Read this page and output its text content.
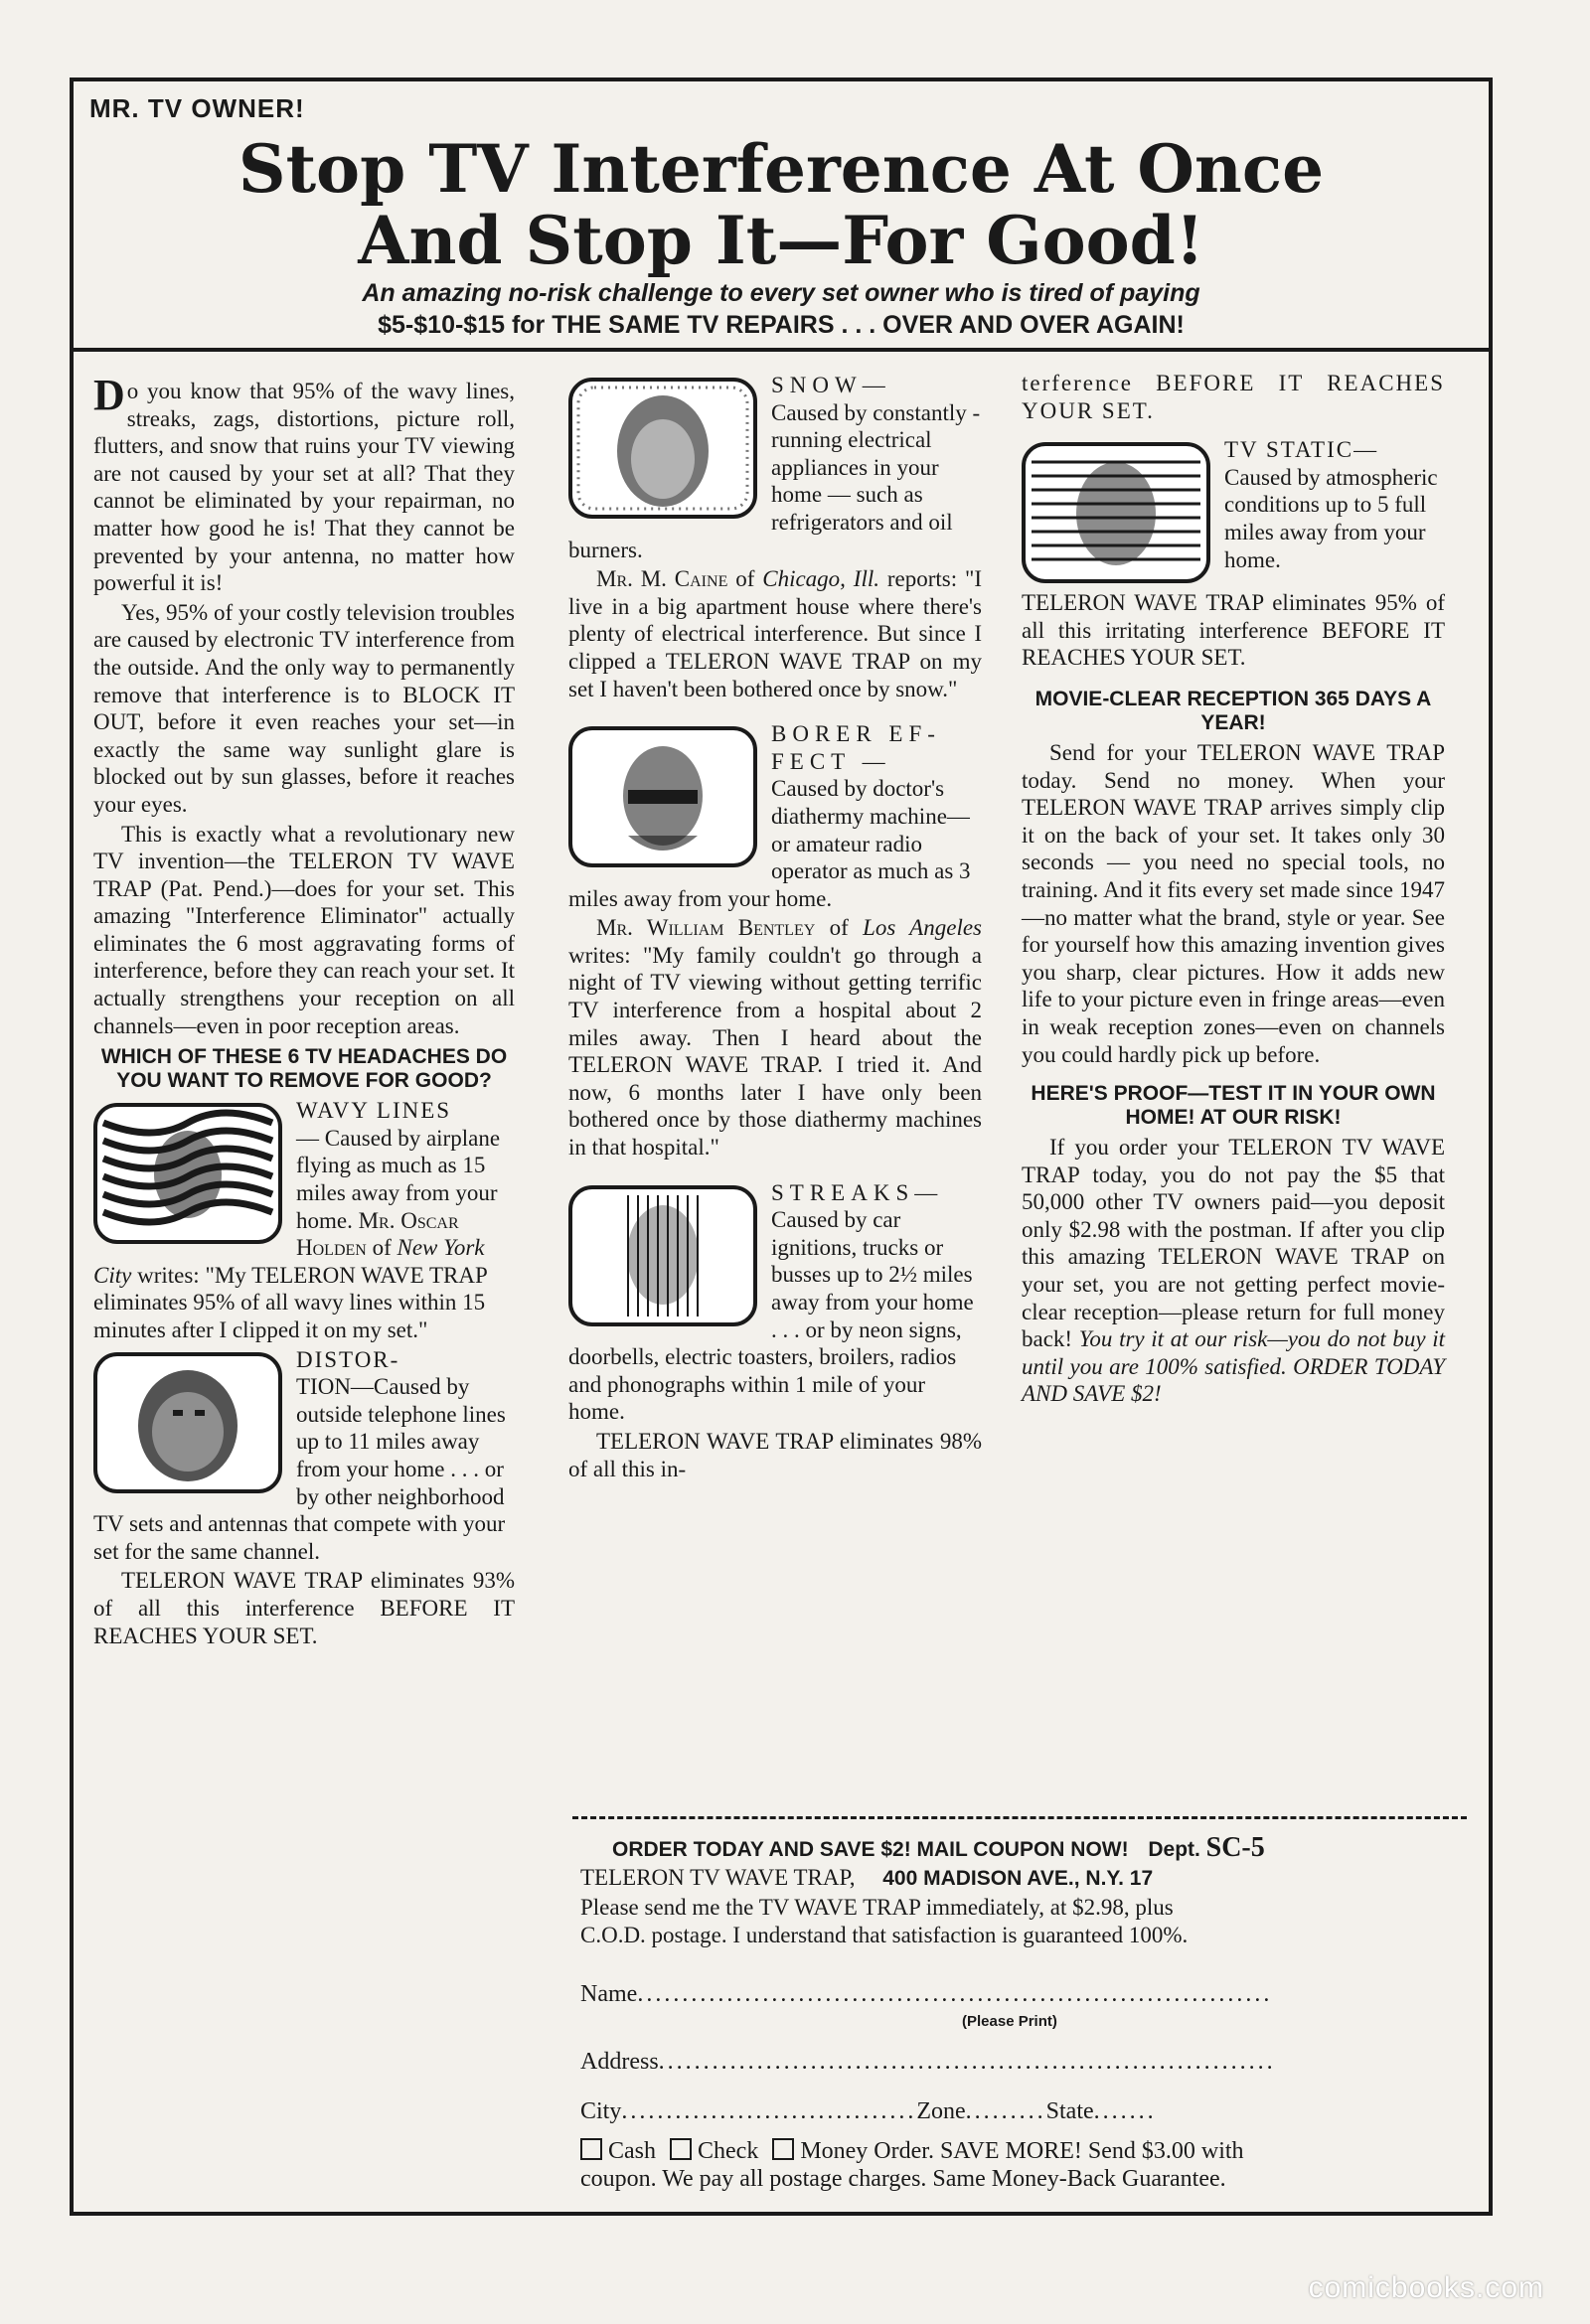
MR. TV OWNER!
Stop TV Interference At Once
And Stop It—For Good!
An amazing no-risk challenge to every set owner who is tired of paying
$5-$10-$15 for THE SAME TV REPAIRS . . . OVER AND OVER AGAIN!

Do you know that 95% of the wavy lines, streaks, zags, distortions, picture roll, flutters, and snow that ruins your TV viewing are not caused by your set at all? That they cannot be eliminated by your repairman, no matter how good he is! That they cannot be prevented by your antenna, no matter how powerful it is!

Yes, 95% of your costly television troubles are caused by electronic TV interference from the outside. And the only way to permanently remove that interference is to BLOCK IT OUT, before it even reaches your set—in exactly the same way sunlight glare is blocked out by sun glasses, before it reaches your eyes.

This is exactly what a revolutionary new TV invention—the TELERON TV WAVE TRAP (Pat. Pend.)—does for your set. This amazing "Interference Eliminator" actually eliminates the 6 most aggravating forms of interference, before they can reach your set. It actually strengthens your reception on all channels—even in poor reception areas.

WHICH OF THESE 6 TV HEADACHES DO YOU WANT TO REMOVE FOR GOOD?
WAVY LINES
— Caused by airplane flying as much as 15 miles away from your home. Mr. Oscar Holden of New York City writes: "My TELERON WAVE TRAP eliminates 95% of all wavy lines within 15 minutes after I clipped it on my set."
DISTOR-
TION—Caused by outside telephone lines up to 11 miles away from your home . . . or by other neighborhood TV sets and antennas that compete with your set for the same channel.

TELERON WAVE TRAP eliminates 93% of all this interference BEFORE IT REACHES YOUR SET.

SNOW—
Caused by constantly - running electrical appliances in your home — such as refrigerators and oil burners.

Mr. M. Caine of Chicago, Ill. reports: "I live in a big apartment house where there's plenty of electrical interference. But since I clipped a TELERON WAVE TRAP on my set I haven't been bothered once by snow."

BORER EF-FECT —
Caused by doctor's diathermy machine— or amateur radio operator as much as 3 miles away from your home.

Mr. William Bentley of Los Angeles writes: "My family couldn't go through a night of TV viewing without getting terrific TV interference from a hospital about 2 miles away. Then I heard about the TELERON WAVE TRAP. I tried it. And now, 6 months later I have only been bothered once by those diathermy machines in that hospital."

STREAKS—
Caused by car ignitions, trucks or busses up to 2½ miles away from your home . . . or by neon signs, doorbells, electric toasters, broilers, radios and phonographs within 1 mile of your home.

TELERON WAVE TRAP eliminates 98% of all this in-

terference BEFORE IT REACHES YOUR SET.

TV STATIC—
Caused by atmospheric conditions up to 5 full miles away from your home.

TELERON WAVE TRAP eliminates 95% of all this irritating interference BEFORE IT REACHES YOUR SET.

MOVIE-CLEAR RECEPTION 365 DAYS A YEAR!

Send for your TELERON WAVE TRAP today. Send no money. When your TELERON WAVE TRAP arrives simply clip it on the back of your set. It takes only 30 seconds — you need no special tools, no training. And it fits every set made since 1947—no matter what the brand, style or year. See for yourself how this amazing invention gives you sharp, clear pictures. How it adds new life to your picture even in fringe areas—even in weak reception zones—even on channels you could hardly pick up before.

HERE'S PROOF—TEST IT IN YOUR OWN HOME! AT OUR RISK!

If you order your TELERON TV WAVE TRAP today, you do not pay the $5 that 50,000 other TV owners paid—you deposit only $2.98 with the postman. If after you clip this amazing TELERON WAVE TRAP on your set, you are not getting perfect movie-clear reception—please return for full money back! You try it at our risk—you do not buy it until you are 100% satisfied. ORDER TODAY AND SAVE $2!

ORDER TODAY AND SAVE $2! MAIL COUPON NOW! Dept. SC-5
TELERON TV WAVE TRAP, 400 MADISON AVE., N.Y. 17
Please send me the TV WAVE TRAP immediately, at $2.98, plus
C.O.D. postage. I understand that satisfaction is guaranteed 100%.
Name.......................................................................
(Please Print)
Address.....................................................................
City.................................Zone.........State.......
Cash Check Money Order. SAVE MORE! Send $3.00 with
coupon. We pay all postage charges. Same Money-Back Guarantee.
comicbooks.com
